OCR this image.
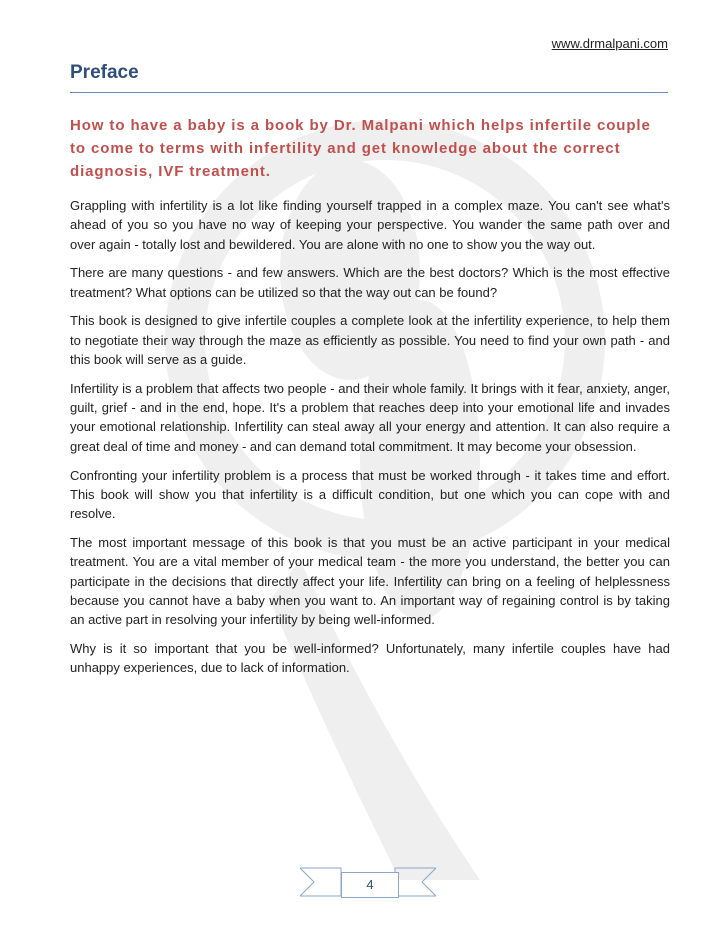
www.drmalpani.com
Preface
How to have a baby is a book by Dr. Malpani which helps infertile couple to come to terms with infertility and get knowledge about the correct diagnosis, IVF treatment.

Grappling with infertility is a lot like finding yourself trapped in a complex maze. You can't see what's ahead of you so you have no way of keeping your perspective. You wander the same path over and over again - totally lost and bewildered. You are alone with no one to show you the way out.

There are many questions - and few answers. Which are the best doctors? Which is the most effective treatment? What options can be utilized so that the way out can be found?

This book is designed to give infertile couples a complete look at the infertility experience, to help them to negotiate their way through the maze as efficiently as possible. You need to find your own path - and this book will serve as a guide.

Infertility is a problem that affects two people - and their whole family. It brings with it fear, anxiety, anger, guilt, grief - and in the end, hope. It's a problem that reaches deep into your emotional life and invades your emotional relationship. Infertility can steal away all your energy and attention. It can also require a great deal of time and money - and can demand total commitment. It may become your obsession.

Confronting your infertility problem is a process that must be worked through - it takes time and effort. This book will show you that infertility is a difficult condition, but one which you can cope with and resolve.

The most important message of this book is that you must be an active participant in your medical treatment. You are a vital member of your medical team - the more you understand, the better you can participate in the decisions that directly affect your life. Infertility can bring on a feeling of helplessness because you cannot have a baby when you want to. An important way of regaining control is by taking an active part in resolving your infertility by being well-informed.

Why is it so important that you be well-informed? Unfortunately, many infertile couples have had unhappy experiences, due to lack of information.

4
